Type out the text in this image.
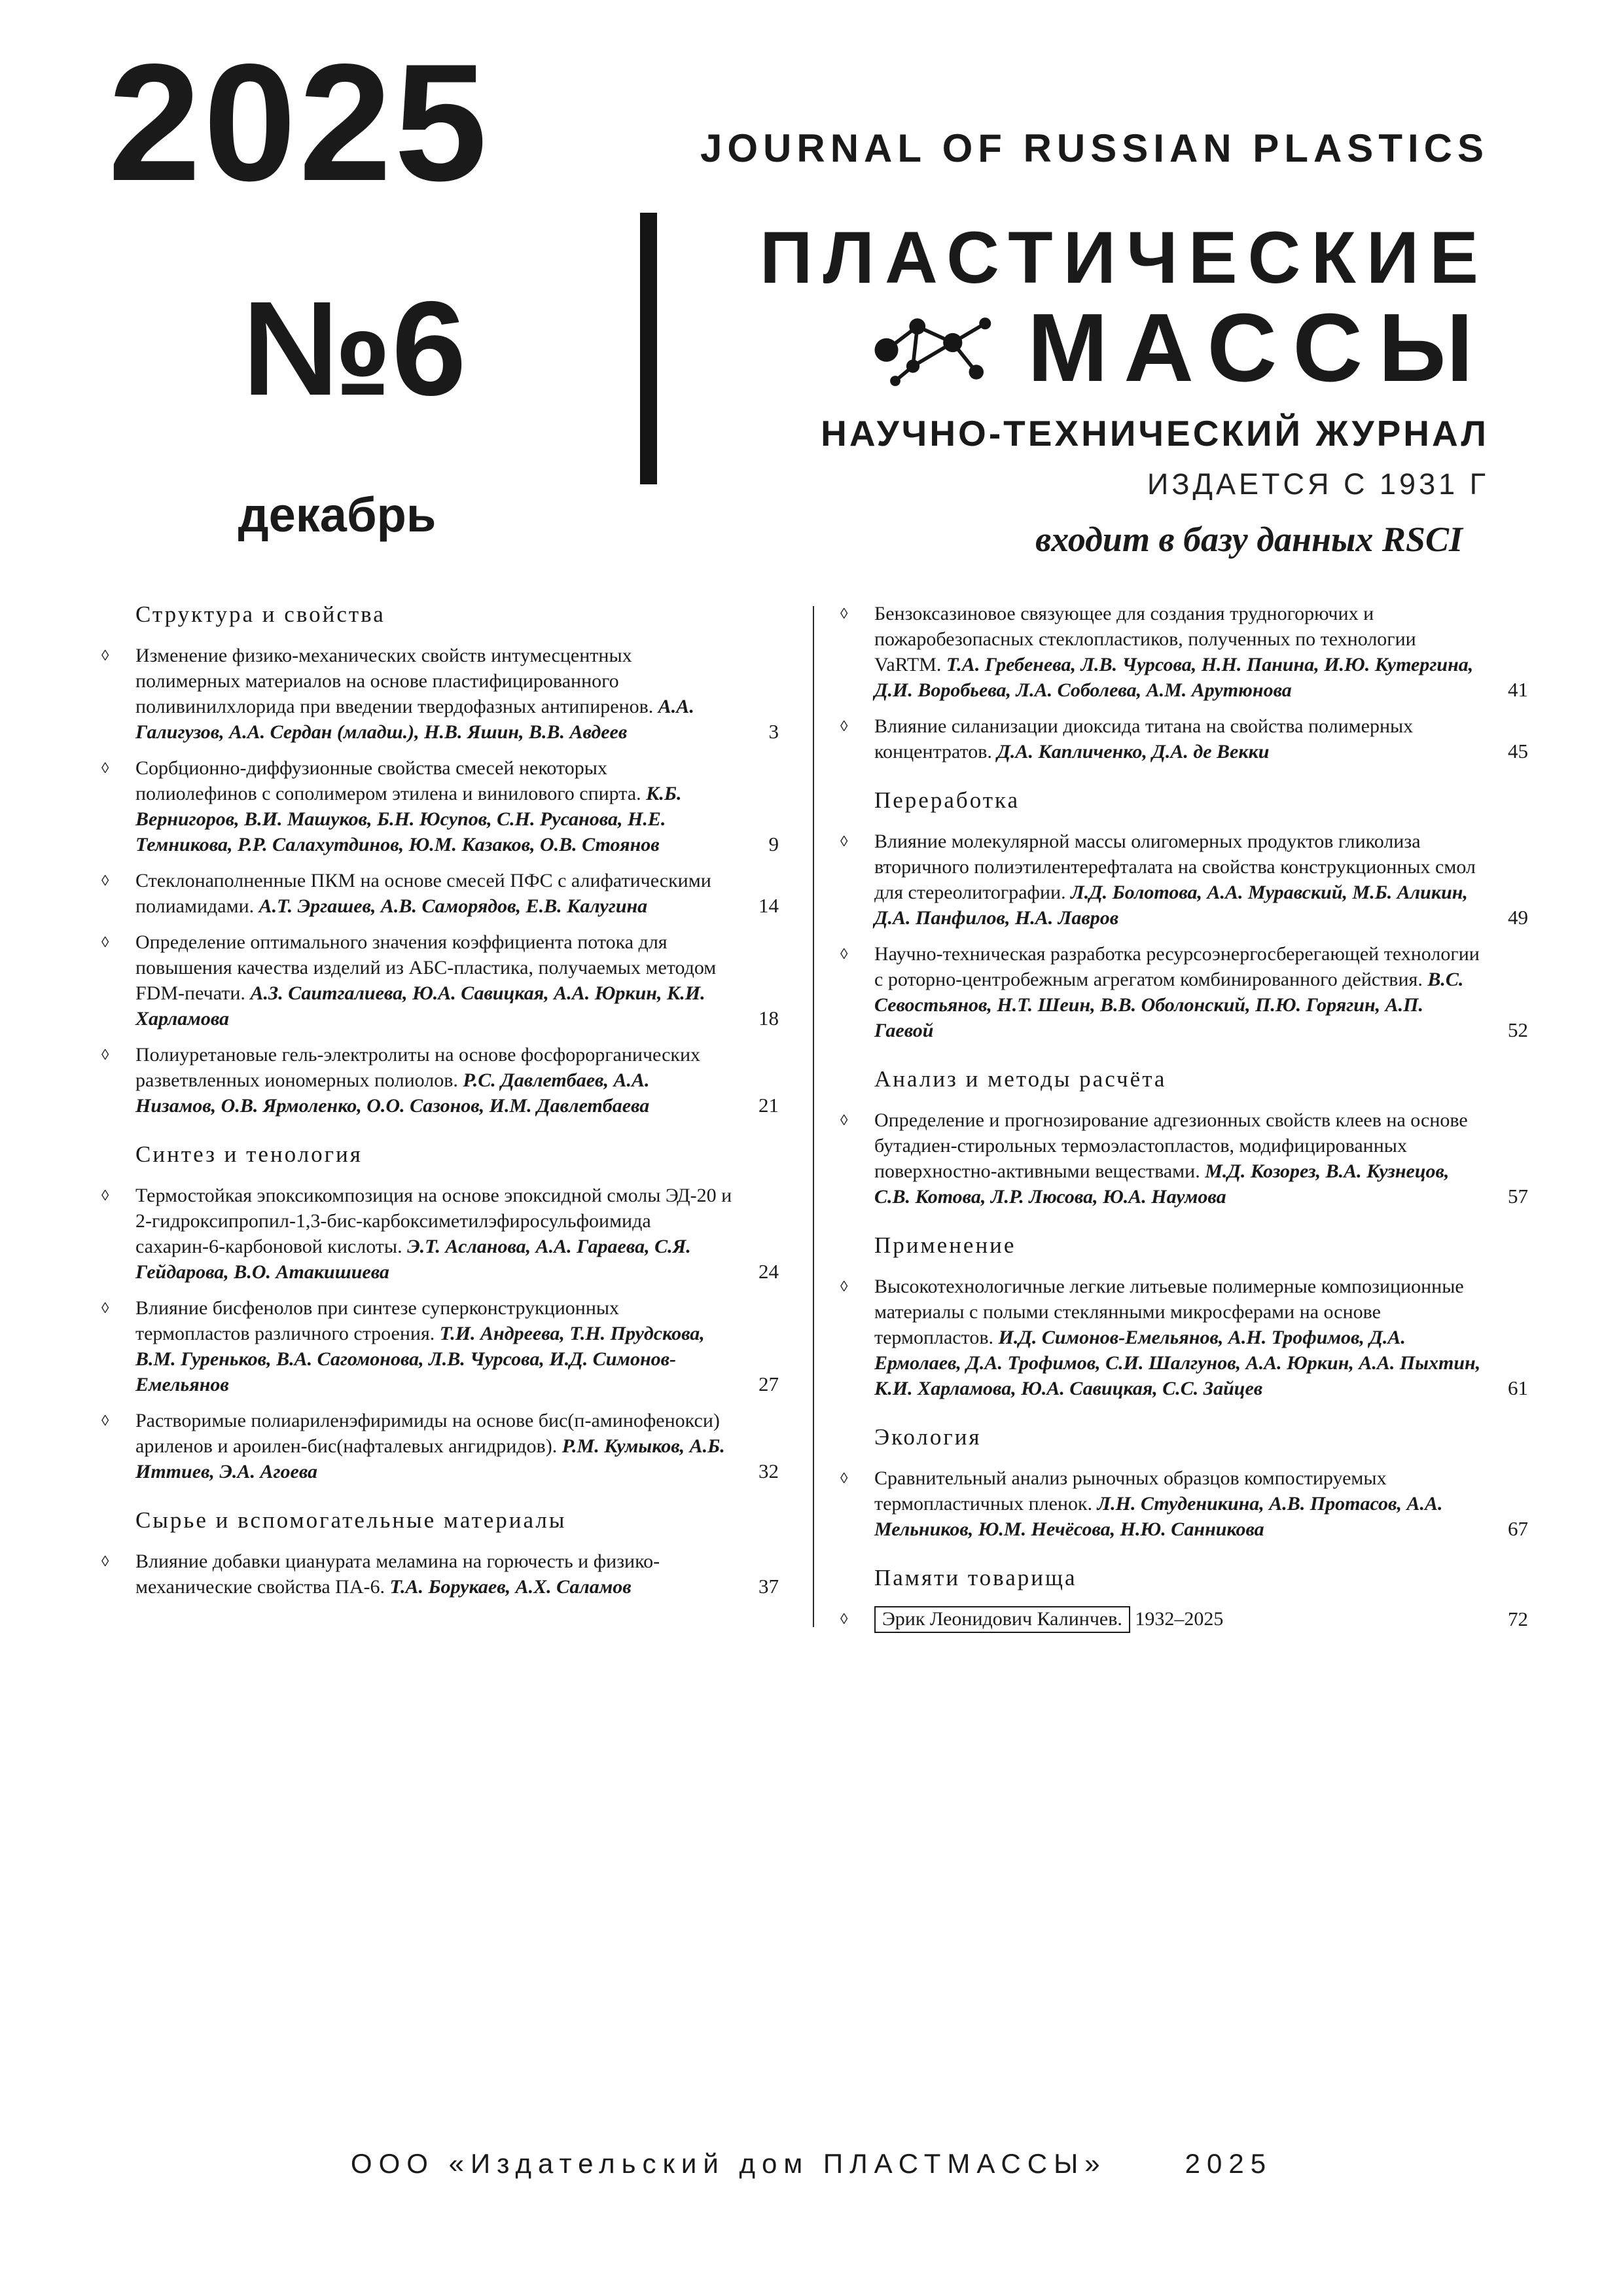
2025
№6
декабрь
JOURNAL OF RUSSIAN PLASTICS
ПЛАСТИЧЕСКИЕ
МАССЫ
НАУЧНО-ТЕХНИЧЕСКИЙ ЖУРНАЛ
ИЗДАЕТСЯ С 1931 Г
входит в базу данных RSCI
Структура и свойства
◊	Изменение физико-механических свойств интумесцентных полимерных материалов на основе пластифицированного поливинилхлорида при введении твердофазных антипиренов. А.А. Галигузов, А.А. Сердан (младш.), Н.В. Яшин, В.В. Авдеев	3
◊	Сорбционно-диффузионные свойства смесей некоторых полиолефинов с сополимером этилена и винилового спирта. К.Б. Вернигоров, В.И. Машуков, Б.Н. Юсупов, С.Н. Русанова, Н.Е. Темникова, Р.Р. Салахутдинов, Ю.М. Казаков, О.В. Стоянов	9
◊	Стеклонаполненные ПКМ на основе смесей ПФС с алифатическими полиамидами. А.Т. Эргашев, А.В. Саморядов, Е.В. Калугина	14
◊	Определение оптимального значения коэффициента потока для повышения качества изделий из АБС-пластика, получаемых методом FDM-печати. А.З. Саитгалиева, Ю.А. Савицкая, А.А. Юркин, К.И. Харламова	18
◊	Полиуретановые гель-электролиты на основе фосфорорганических разветвленных иономерных полиолов. Р.С. Давлетбаев, А.А. Низамов, О.В. Ярмоленко, О.О. Сазонов, И.М. Давлетбаева	21
Синтез и тенология
◊	Термостойкая эпоксикомпозиция на основе эпоксидной смолы ЭД-20 и 2-гидроксипропил-1,3-бис-карбоксиметилэфиросульфоимида сахарин-6-карбоновой кислоты. Э.Т. Асланова, А.А. Гараева, С.Я. Гейдарова, В.О. Атакишиева	24
◊	Влияние бисфенолов при синтезе суперконструкционных термопластов различного строения. Т.И. Андреева, Т.Н. Прудскова, В.М. Гуреньков, В.А. Сагомонова, Л.В. Чурсова, И.Д. Симонов-Емельянов	27
◊	Растворимые полиариленэфиримиды на основе бис(п-аминофенокси) ариленов и ароилен-бис(нафталевых ангидридов). Р.М. Кумыков, А.Б. Иттиев, Э.А. Агоева	32
Сырье и вспомогательные материалы
◊	Влияние добавки цианурата меламина на горючесть и физико-механические свойства ПА-6. Т.А. Борукаев, А.Х. Саламов	37
◊	Бензоксазиновое связующее для создания трудногорючих и пожаробезопасных стеклопластиков, полученных по технологии VaRTM. Т.А. Гребенева, Л.В. Чурсова, Н.Н. Панина, И.Ю. Кутергина, Д.И. Воробьева, Л.А. Соболева, А.М. Арутюнова	41
◊	Влияние силанизации диоксида титана на свойства полимерных концентратов. Д.А. Капличенко, Д.А. де Векки	45
Переработка
◊	Влияние молекулярной массы олигомерных продуктов гликолиза вторичного полиэтилентерефталата на свойства конструкционных смол для стереолитографии. Л.Д. Болотова, А.А. Муравский, М.Б. Аликин, Д.А. Панфилов, Н.А. Лавров	49
◊	Научно-техническая разработка ресурсоэнергосберегающей технологии с роторно-центробежным агрегатом комбинированного действия. В.С. Севостьянов, Н.Т. Шеин, В.В. Оболонский, П.Ю. Горягин, А.П. Гаевой	52
Анализ и методы расчёта
◊	Определение и прогнозирование адгезионных свойств клеев на основе бутадиен-стирольных термоэластопластов, модифицированных поверхностно-активными веществами. М.Д. Козорез, В.А. Кузнецов, С.В. Котова, Л.Р. Люсова, Ю.А. Наумова	57
Применение
◊	Высокотехнологичные легкие литьевые полимерные композиционные материалы с полыми стеклянными микросферами на основе термопластов. И.Д. Симонов-Емельянов, А.Н. Трофимов, Д.А. Ермолаев, Д.А. Трофимов, С.И. Шалгунов, А.А. Юркин, А.А. Пыхтин, К.И. Харламова, Ю.А. Савицкая, С.С. Зайцев	61
Экология
◊	Сравнительный анализ рыночных образцов компостируемых термопластичных пленок. Л.Н. Студеникина, А.В. Протасов, А.А. Мельников, Ю.М. Нечёсова, Н.Ю. Санникова	67
Памяти товарища
◊	Эрик Леонидович Калинчев. 1932–2025	72
ООО «Издательский дом ПЛАСТМАССЫ»	2025
